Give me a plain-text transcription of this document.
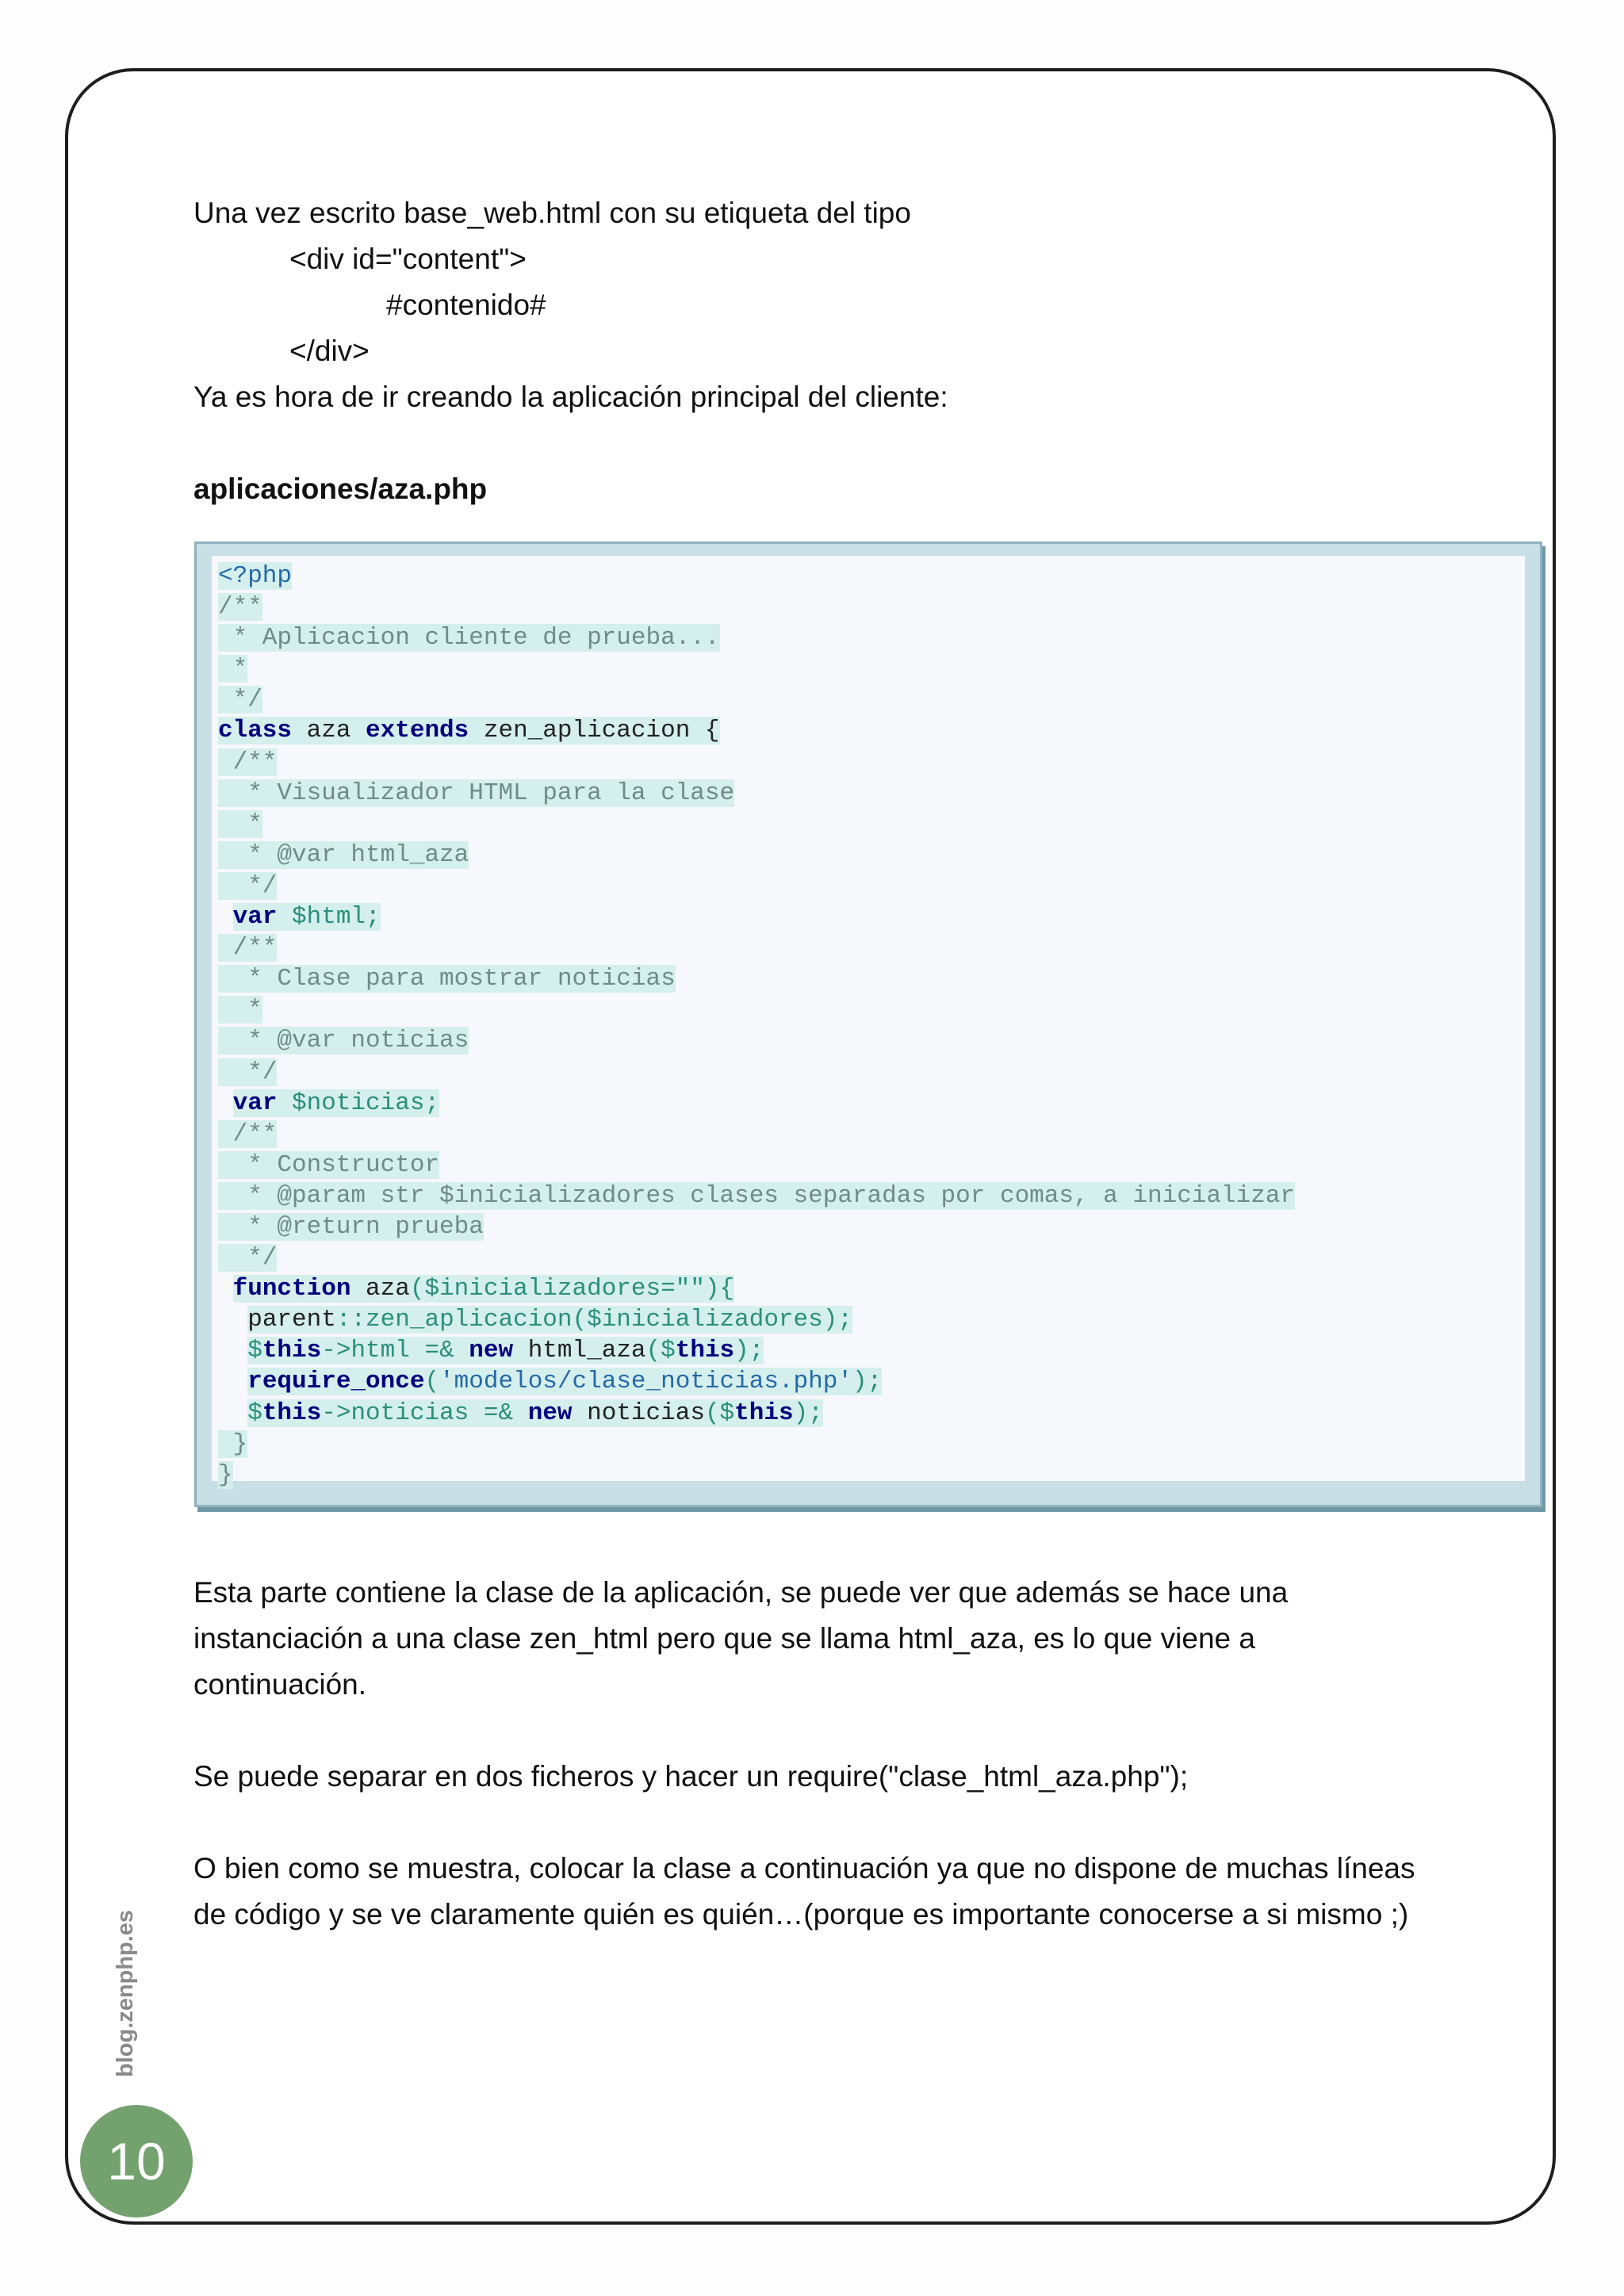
Una vez escrito base_web.html con su etiqueta del tipo
<div id="content">
#contenido#
</div>
Ya es hora de ir creando la aplicación principal del cliente:
aplicaciones/aza.php
<?php
/**
* Aplicacion cliente de prueba...
*
*/
class aza extends zen_aplicacion {
/**
* Visualizador HTML para la clase
*
* @var html_aza
*/
var $html;
/**
* Clase para mostrar noticias
*
* @var noticias
*/
var $noticias;
/**
* Constructor
* @param str $inicializadores clases separadas por comas, a inicializar
* @return prueba
*/
function aza($inicializadores=""){
parent::zen_aplicacion($inicializadores);
$this->html =& new html_aza($this);
require_once('modelos/clase_noticias.php');
$this->noticias =& new noticias($this);
}
}
Esta parte contiene la clase de la aplicación, se puede ver que además se hace una
instanciación a una clase zen_html pero que se llama html_aza, es lo que viene a
continuación.
Se puede separar en dos ficheros y hacer un require("clase_html_aza.php");
O bien como se muestra, colocar la clase a continuación ya que no dispone de muchas líneas
de código y se ve claramente quién es quién…(porque es importante conocerse a si mismo ;)
blog.zenphp.es
10
